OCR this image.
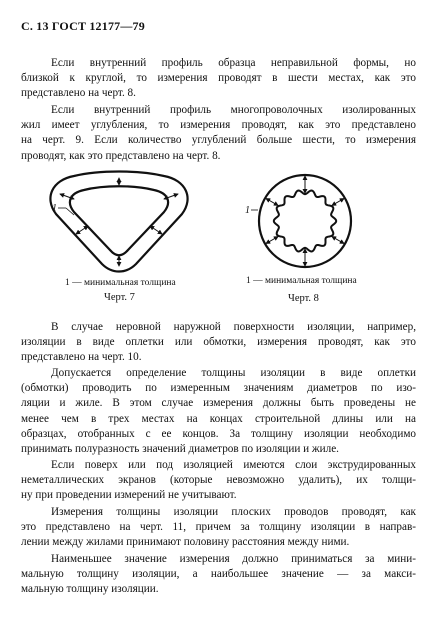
С. 13 ГОСТ 12177—79
Если внутренний профиль образца неправильной формы, но
близкой к круглой, то измерения проводят в шести местах, как это
представлено на черт. 8.
Если внутренний профиль многопроволочных изолированных
жил имеет углубления, то измерения проводят, как это представлено
на черт. 9. Если количество углублений больше шести, то измерения
проводят, как это представлено на черт. 8.
1
1 — минимальная толщина
Черт. 7
1
1 — минимальная толщина
Черт. 8
В случае неровной наружной поверхности изоляции, например,
изоляции в виде оплетки или обмотки, измерения проводят, как это
представлено на черт. 10.
Допускается определение толщины изоляции в виде оплетки
(обмотки) проводить по измеренным значениям диаметров по изо-
ляции и жиле. В этом случае измерения должны быть проведены не
менее чем в трех местах на концах строительной длины или на
образцах, отобранных с ее концов. За толщину изоляции необходимо
принимать полуразность значений диаметров по изоляции и жиле.
Если поверх или под изоляцией имеются слои экструдированных
неметаллических экранов (которые невозможно удалить), их толщи-
ну при проведении измерений не учитывают.
Измерения толщины изоляции плоских проводов проводят, как
это представлено на черт. 11, причем за толщину изоляции в направ-
лении между жилами принимают половину расстояния между ними.
Наименьшее значение измерения должно приниматься за мини-
мальную толщину изоляции, а наибольшее значение — за макси-
мальную толщину изоляции.
